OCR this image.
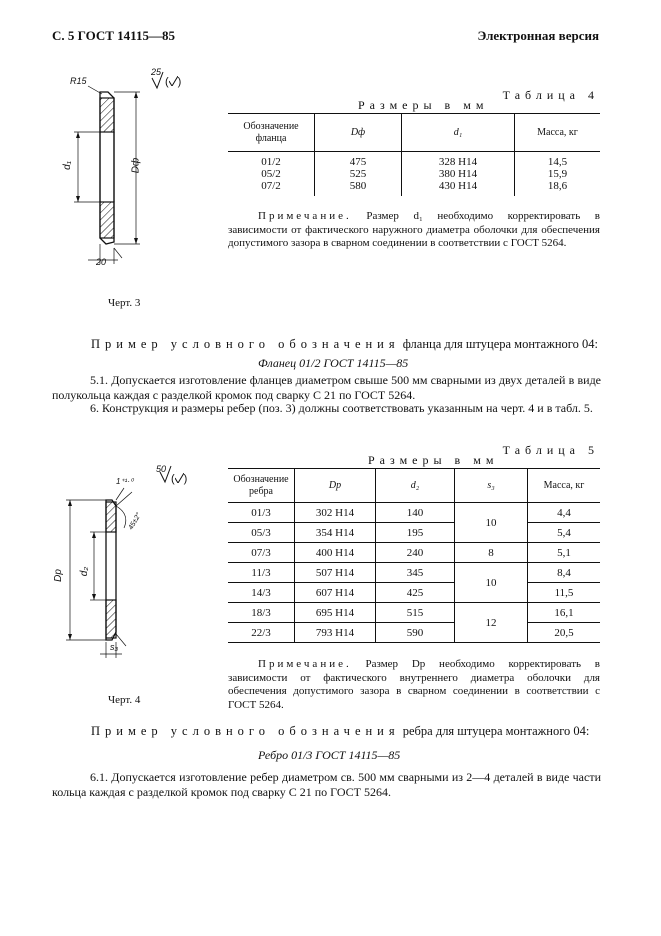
С. 5 ГОСТ 14115—85	Электронная версия
R15
25
( )
d₁	Dф
20
Черт. 3
Таблица 4
Размеры в мм
Обозначение фланца	Dф	d₁	Масса, кг
01/2	475	328 Н14	14,5
05/2	525	380 Н14	15,9
07/2	580	430 Н14	18,6
Примечание. Размер d₁ необходимо корректировать в зависимости от фактического наружного диаметра оболочки для обеспечения допустимого зазора в сварном соединении в соответствии с ГОСТ 5264.
Пример условного обозначения фланца для штуцера монтажного 04:
Фланец 01/2 ГОСТ 14115—85
5.1. Допускается изготовление фланцев диаметром свыше 500 мм сварными из двух деталей в виде полукольца каждая с разделкой кромок под сварку С 21 по ГОСТ 5264.
6. Конструкция и размеры ребер (поз. 3) должны соответствовать указанным на черт. 4 и в табл. 5.
1⁺¹·⁰
50
( )
45±2°
Dр d₂
s₃
Черт. 4
Таблица 5
Размеры в мм
Обозначение ребра	Dр	d₂	s₃	Масса, кг
01/3	302 Н14	140	10	4,4
05/3	354 Н14	195		5,4
07/3	400 Н14	240	8	5,1
11/3	507 Н14	345	10	8,4
14/3	607 Н14	425		11,5
18/3	695 Н14	515	12	16,1
22/3	793 Н14	590		20,5
Примечание. Размер Dр необходимо корректировать в зависимости от фактического внутреннего диаметра оболочки для обеспечения допустимого зазора в сварном соединении в соответствии с ГОСТ 5264.
Пример условного обозначения ребра для штуцера монтажного 04:
Ребро 01/3 ГОСТ 14115—85
6.1. Допускается изготовление ребер диаметром св. 500 мм сварными из 2—4 деталей в виде части кольца каждая с разделкой кромок под сварку С 21 по ГОСТ 5264.
